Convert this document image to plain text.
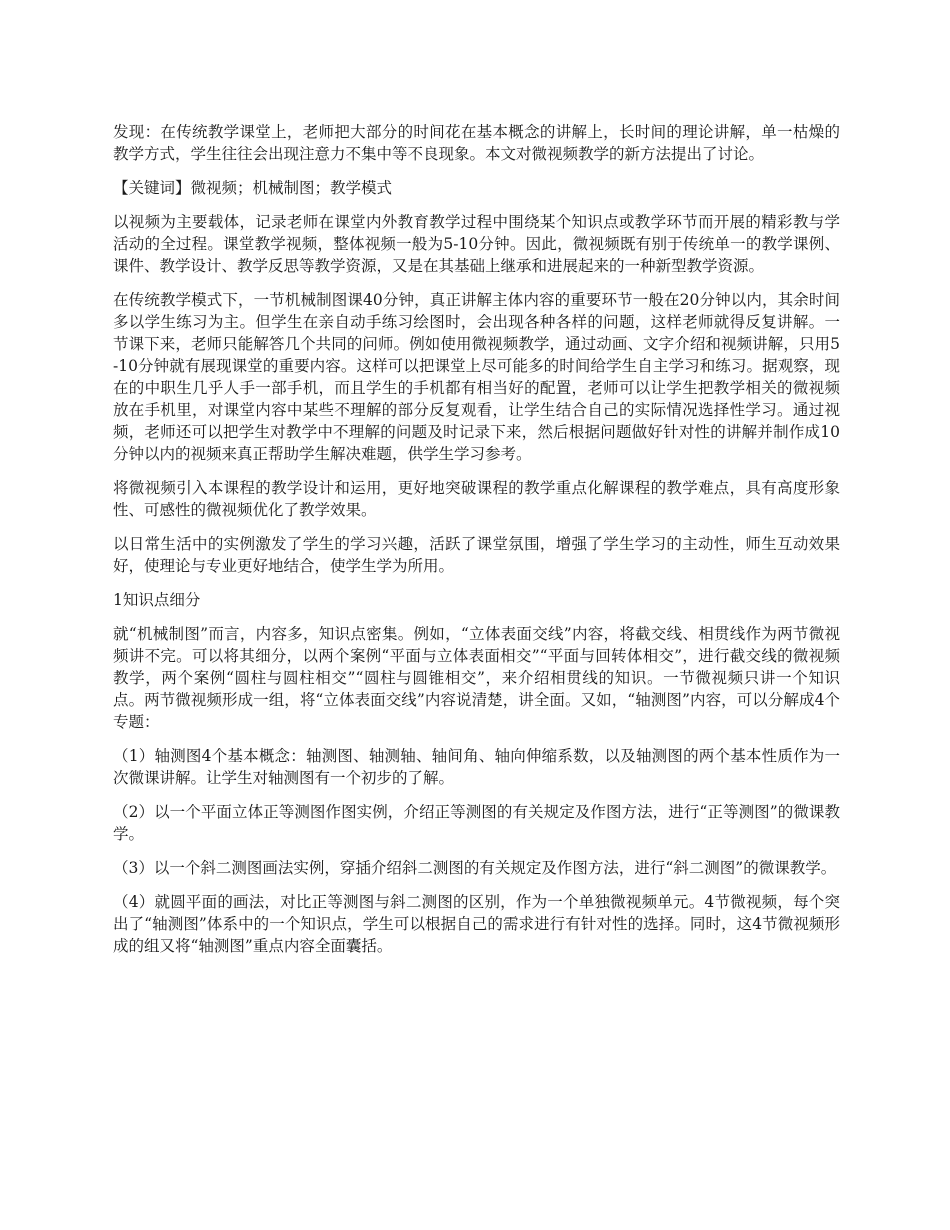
发现：在传统教学课堂上，老师把大部分的时间花在基本概念的讲解上，长时间的理论讲解，单一枯燥的教学方式，学生往往会出现注意力不集中等不良现象。本文对微视频教学的新方法提出了讨论。

【关键词】微视频；机械制图；教学模式

以视频为主要载体，记录老师在课堂内外教育教学过程中围绕某个知识点或教学环节而开展的精彩教与学活动的全过程。课堂教学视频，整体视频一般为5-10分钟。因此，微视频既有别于传统单一的教学课例、课件、教学设计、教学反思等教学资源，又是在其基础上继承和进展起来的一种新型教学资源。

在传统教学模式下，一节机械制图课40分钟，真正讲解主体内容的重要环节一般在20分钟以内，其余时间多以学生练习为主。但学生在亲自动手练习绘图时，会出现各种各样的问题，这样老师就得反复讲解。一节课下来，老师只能解答几个共同的问师。例如使用微视频教学，通过动画、文字介绍和视频讲解，只用5-10分钟就有展现课堂的重要内容。这样可以把课堂上尽可能多的时间给学生自主学习和练习。据观察，现在的中职生几乎人手一部手机，而且学生的手机都有相当好的配置，老师可以让学生把教学相关的微视频放在手机里，对课堂内容中某些不理解的部分反复观看，让学生结合自己的实际情况选择性学习。通过视频，老师还可以把学生对教学中不理解的问题及时记录下来，然后根据问题做好针对性的讲解并制作成10分钟以内的视频来真正帮助学生解决难题，供学生学习参考。

将微视频引入本课程的教学设计和运用，更好地突破课程的教学重点化解课程的教学难点，具有高度形象性、可感性的微视频优化了教学效果。

以日常生活中的实例激发了学生的学习兴趣，活跃了课堂氛围，增强了学生学习的主动性，师生互动效果好，使理论与专业更好地结合，使学生学为所用。

1知识点细分

就“机械制图”而言，内容多，知识点密集。例如，“立体表面交线”内容，将截交线、相贯线作为两节微视频讲不完。可以将其细分，以两个案例“平面与立体表面相交”“平面与回转体相交”，进行截交线的微视频教学，两个案例“圆柱与圆柱相交”“圆柱与圆锥相交”，来介绍相贯线的知识。一节微视频只讲一个知识点。两节微视频形成一组，将“立体表面交线”内容说清楚，讲全面。又如，“轴测图”内容，可以分解成4个专题：

（1）轴测图4个基本概念：轴测图、轴测轴、轴间角、轴向伸缩系数，以及轴测图的两个基本性质作为一次微课讲解。让学生对轴测图有一个初步的了解。

（2）以一个平面立体正等测图作图实例，介绍正等测图的有关规定及作图方法，进行“正等测图”的微课教学。

（3）以一个斜二测图画法实例，穿插介绍斜二测图的有关规定及作图方法，进行“斜二测图”的微课教学。

（4）就圆平面的画法，对比正等测图与斜二测图的区别，作为一个单独微视频单元。4节微视频，每个突出了“轴测图”体系中的一个知识点，学生可以根据自己的需求进行有针对性的选择。同时，这4节微视频形成的组又将“轴测图”重点内容全面囊括。
